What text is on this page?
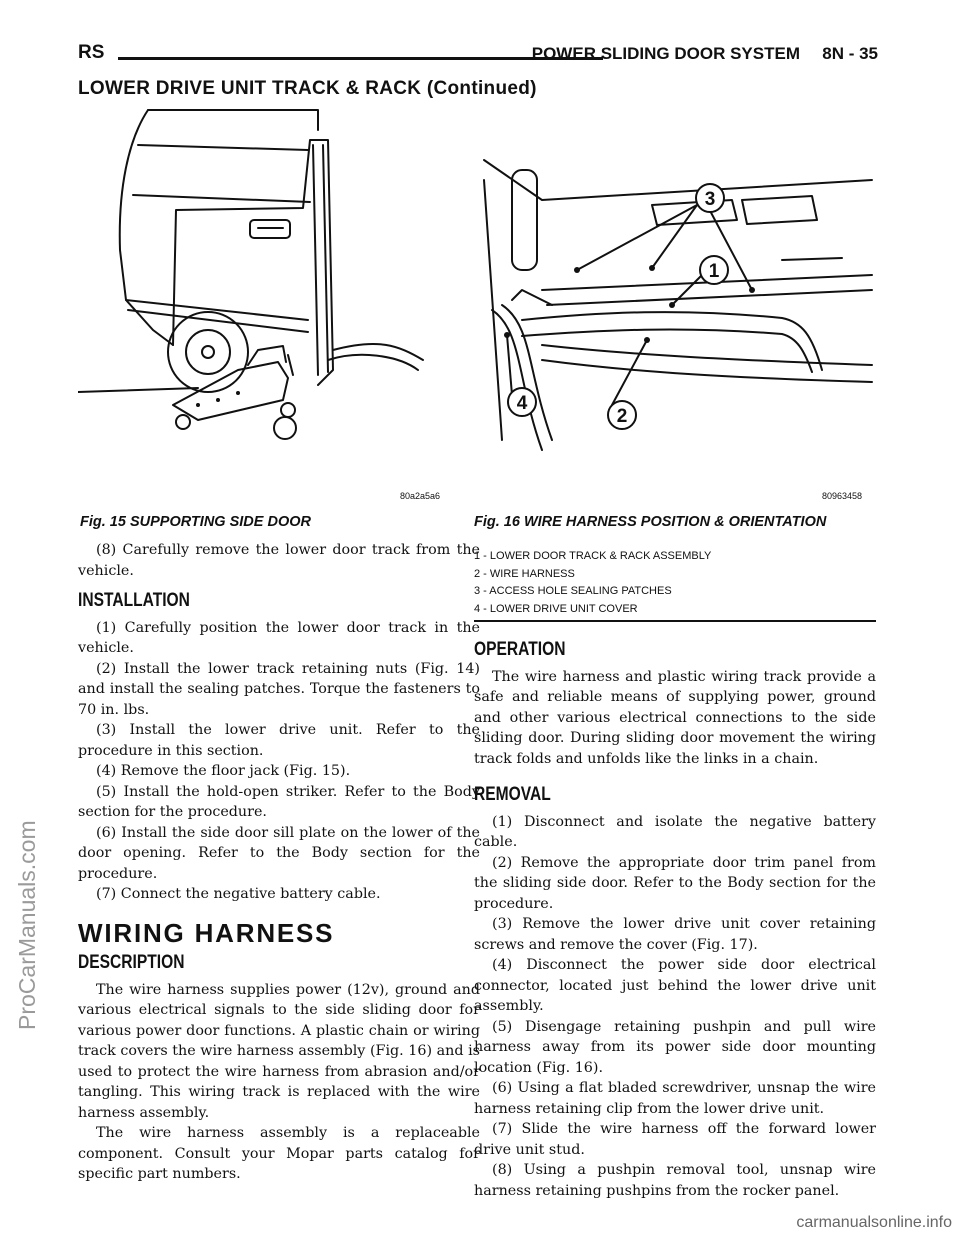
RS	POWER SLIDING DOOR SYSTEM 8N - 35
LOWER DRIVE UNIT TRACK & RACK (Continued)
80a2a5a6
Fig. 15 SUPPORTING SIDE DOOR
3
1
2
4
80963458
Fig. 16 WIRE HARNESS POSITION & ORIENTATION
1 - LOWER DOOR TRACK & RACK ASSEMBLY
2 - WIRE HARNESS
3 - ACCESS HOLE SEALING PATCHES
4 - LOWER DRIVE UNIT COVER

(8) Carefully remove the lower door track from the vehicle.

INSTALLATION

(1) Carefully position the lower door track in the vehicle.

(2) Install the lower track retaining nuts (Fig. 14) and install the sealing patches. Torque the fasteners to 70 in. lbs.

(3) Install the lower drive unit. Refer to the procedure in this section.

(4) Remove the floor jack (Fig. 15).

(5) Install the hold-open striker. Refer to the Body section for the procedure.

(6) Install the side door sill plate on the lower of the door opening. Refer to the Body section for the procedure.

(7) Connect the negative battery cable.

WIRING HARNESS
DESCRIPTION

The wire harness supplies power (12v), ground and various electrical signals to the side sliding door for various power door functions. A plastic chain or wiring track covers the wire harness assembly (Fig. 16) and is used to protect the wire harness from abrasion and/or tangling. This wiring track is replaced with the wire harness assembly.

The wire harness assembly is a replaceable component. Consult your Mopar parts catalog for specific part numbers.

OPERATION

The wire harness and plastic wiring track provide a safe and reliable means of supplying power, ground and other various electrical connections to the side sliding door. During sliding door movement the wiring track folds and unfolds like the links in a chain.

REMOVAL

(1) Disconnect and isolate the negative battery cable.

(2) Remove the appropriate door trim panel from the sliding side door. Refer to the Body section for the procedure.

(3) Remove the lower drive unit cover retaining screws and remove the cover (Fig. 17).

(4) Disconnect the power side door electrical connector, located just behind the lower drive unit assembly.

(5) Disengage retaining pushpin and pull wire harness away from its power side door mounting location (Fig. 16).

(6) Using a flat bladed screwdriver, unsnap the wire harness retaining clip from the lower drive unit.

(7) Slide the wire harness off the forward lower drive unit stud.

(8) Using a pushpin removal tool, unsnap wire harness retaining pushpins from the rocker panel.

ProCarManuals.com
carmanualsonline.info
